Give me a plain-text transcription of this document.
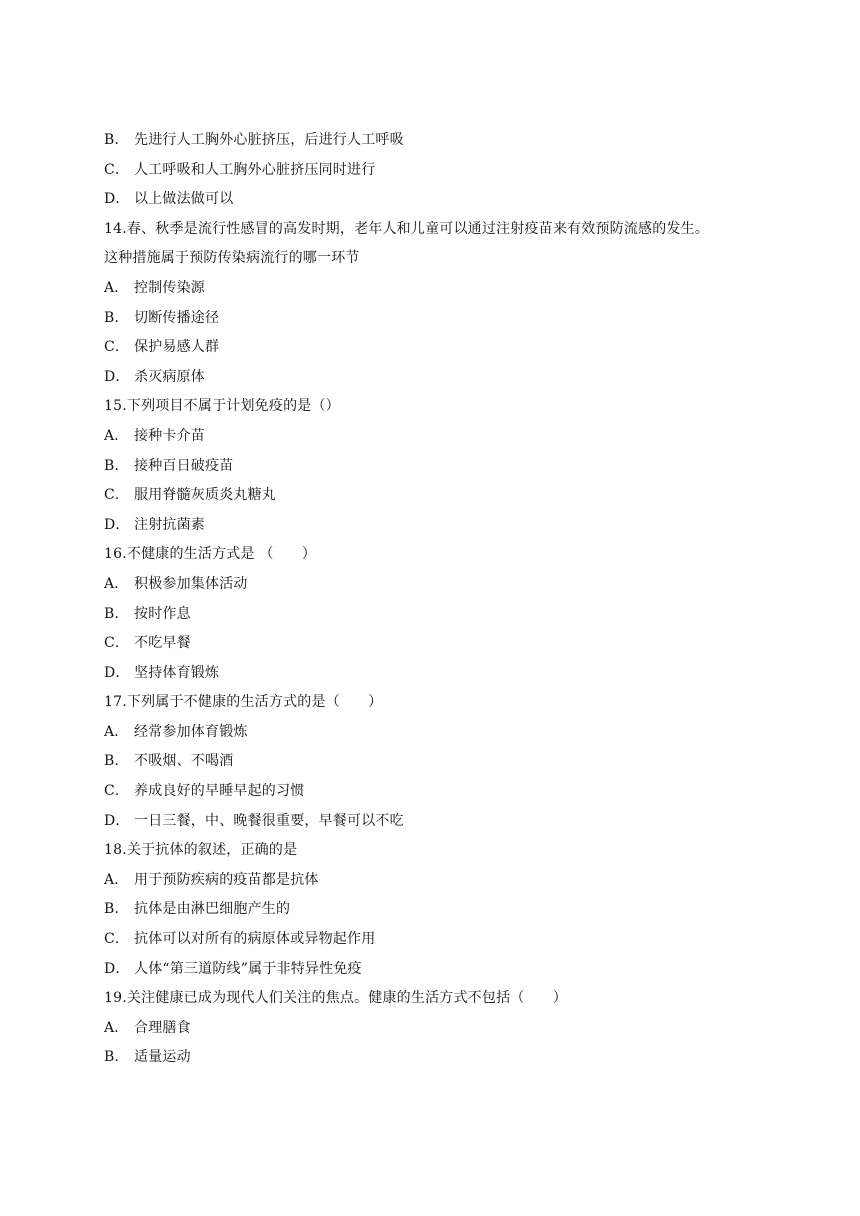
B． 先进行人工胸外心脏挤压，后进行人工呼吸
C． 人工呼吸和人工胸外心脏挤压同时进行
D． 以上做法做可以
14.春、秋季是流行性感冒的高发时期，老年人和儿童可以通过注射疫苗来有效预防流感的发生。
这种措施属于预防传染病流行的哪一环节
A． 控制传染源
B． 切断传播途径
C． 保护易感人群
D． 杀灭病原体
15.下列项目不属于计划免疫的是（）
A． 接种卡介苗
B． 接种百日破疫苗
C． 服用脊髓灰质炎丸糖丸
D． 注射抗菌素
16.不健康的生活方式是 （　　）
A． 积极参加集体活动
B． 按时作息
C． 不吃早餐
D． 坚持体育锻炼
17.下列属于不健康的生活方式的是（　　）
A． 经常参加体育锻炼
B． 不吸烟、不喝酒
C． 养成良好的早睡早起的习惯
D． 一日三餐，中、晚餐很重要，早餐可以不吃
18.关于抗体的叙述，正确的是
A． 用于预防疾病的疫苗都是抗体
B． 抗体是由淋巴细胞产生的
C． 抗体可以对所有的病原体或异物起作用
D． 人体“第三道防线”属于非特异性免疫
19.关注健康已成为现代人们关注的焦点。健康的生活方式不包括（　　）
A． 合理膳食
B． 适量运动
